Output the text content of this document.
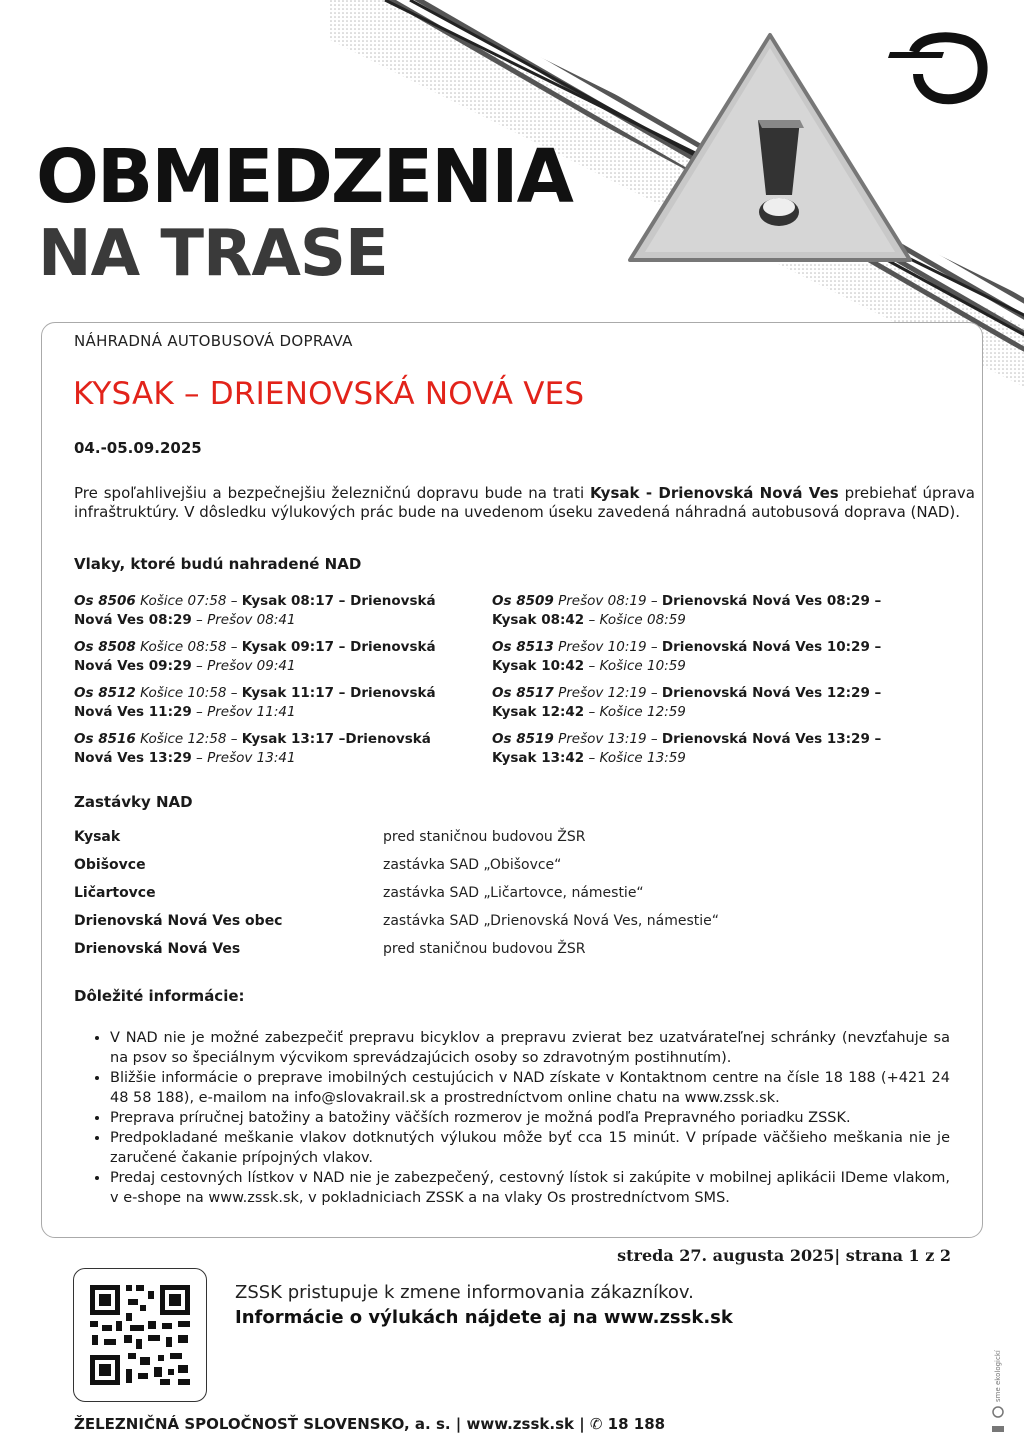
OBMEDZENIA
NA TRASE
NÁHRADNÁ AUTOBUSOVÁ DOPRAVA
KYSAK – DRIENOVSKÁ NOVÁ VES
04.-05.09.2025
Pre spoľahlivejšiu a bezpečnejšiu železničnú dopravu bude na trati Kysak - Drienovská Nová Ves prebiehať úprava infraštruktúry. V dôsledku výlukových prác bude na uvedenom úseku zavedená náhradná autobusová doprava (NAD).
Vlaky, ktoré budú nahradené NAD
Os 8506 Košice 07:58 – Kysak 08:17 – Drienovská Nová Ves 08:29 – Prešov 08:41
Os 8508 Košice 08:58 – Kysak 09:17 – Drienovská Nová Ves 09:29 – Prešov 09:41
Os 8512 Košice 10:58 – Kysak 11:17 – Drienovská Nová Ves 11:29 – Prešov 11:41
Os 8516 Košice 12:58 – Kysak 13:17 –Drienovská Nová Ves 13:29 – Prešov 13:41
Os 8509 Prešov 08:19 – Drienovská Nová Ves 08:29 – Kysak 08:42 – Košice 08:59
Os 8513 Prešov 10:19 – Drienovská Nová Ves 10:29 – Kysak 10:42 – Košice 10:59
Os 8517 Prešov 12:19 – Drienovská Nová Ves 12:29 – Kysak 12:42 – Košice 12:59
Os 8519 Prešov 13:19 – Drienovská Nová Ves 13:29 – Kysak 13:42 – Košice 13:59
Zastávky NAD
Kysak	pred staničnou budovou ŽSR
Obišovce	zastávka SAD „Obišovce“
Ličartovce	zastávka SAD „Ličartovce, námestie“
Drienovská Nová Ves obec	zastávka SAD „Drienovská Nová Ves, námestie“
Drienovská Nová Ves	pred staničnou budovou ŽSR
Dôležité informácie:
• V NAD nie je možné zabezpečiť prepravu bicyklov a prepravu zvierat bez uzatvárateľnej schránky (nevzťahuje sa na psov so špeciálnym výcvikom sprevádzajúcich osoby so zdravotným postihnutím).
• Bližšie informácie o preprave imobilných cestujúcich v NAD získate v Kontaktnom centre na čísle 18 188 (+421 24 48 58 188), e-mailom na info@slovakrail.sk a prostredníctvom online chatu na www.zssk.sk.
• Preprava príručnej batožiny a batožiny väčších rozmerov je možná podľa Prepravného poriadku ZSSK.
• Predpokladané meškanie vlakov dotknutých výlukou môže byť cca 15 minút. V prípade väčšieho meškania nie je zaručené čakanie prípojných vlakov.
• Predaj cestovných lístkov v NAD nie je zabezpečený, cestovný lístok si zakúpite v mobilnej aplikácii IDeme vlakom, v e-shope na www.zssk.sk, v pokladniciach ZSSK a na vlaky Os prostredníctvom SMS.
streda 27. augusta 2025| strana 1 z 2
ZSSK pristupuje k zmene informovania zákazníkov.
Informácie o výlukách nájdete aj na www.zssk.sk
sme ekologickí
ŽELEZNIČNÁ SPOLOČNOSŤ SLOVENSKO, a. s. | www.zssk.sk | ✆ 18 188
